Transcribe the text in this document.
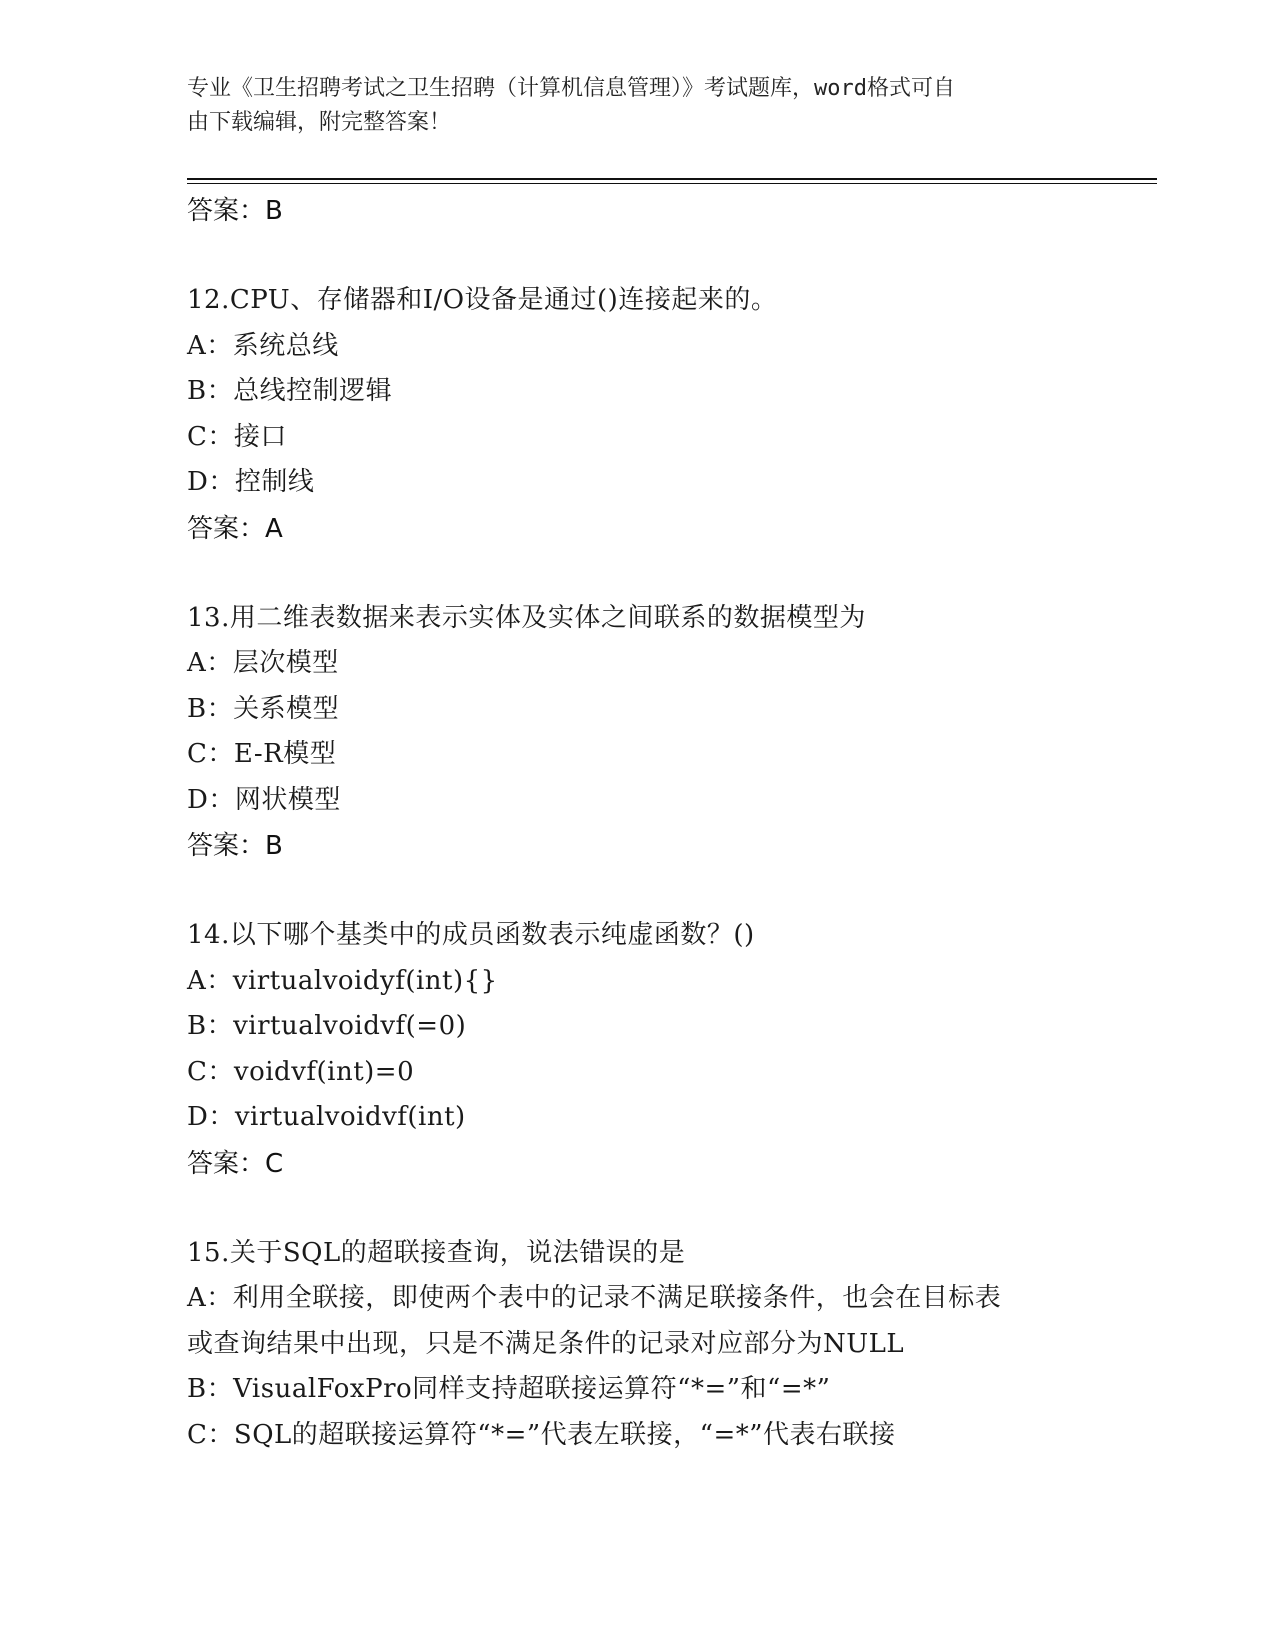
专业《卫生招聘考试之卫生招聘（计算机信息管理）》考试题库，word格式可自
由下载编辑，附完整答案！

答案：B

12.CPU、存储器和I/O设备是通过()连接起来的。

A：系统总线

B：总线控制逻辑

C：接口

D：控制线

答案：A

13.用二维表数据来表示实体及实体之间联系的数据模型为

A：层次模型

B：关系模型

C：E-R模型

D：网状模型

答案：B

14.以下哪个基类中的成员函数表示纯虚函数？()

A：virtualvoidyf(int){}

B：virtualvoidvf(=0)

C：voidvf(int)=0

D：virtualvoidvf(int)

答案：C

15.关于SQL的超联接查询，说法错误的是

A：利用全联接，即使两个表中的记录不满足联接条件，也会在目标表

或查询结果中出现，只是不满足条件的记录对应部分为NULL

B：VisualFoxPro同样支持超联接运算符“*=”和“=*”

C：SQL的超联接运算符“*=”代表左联接，“=*”代表右联接
